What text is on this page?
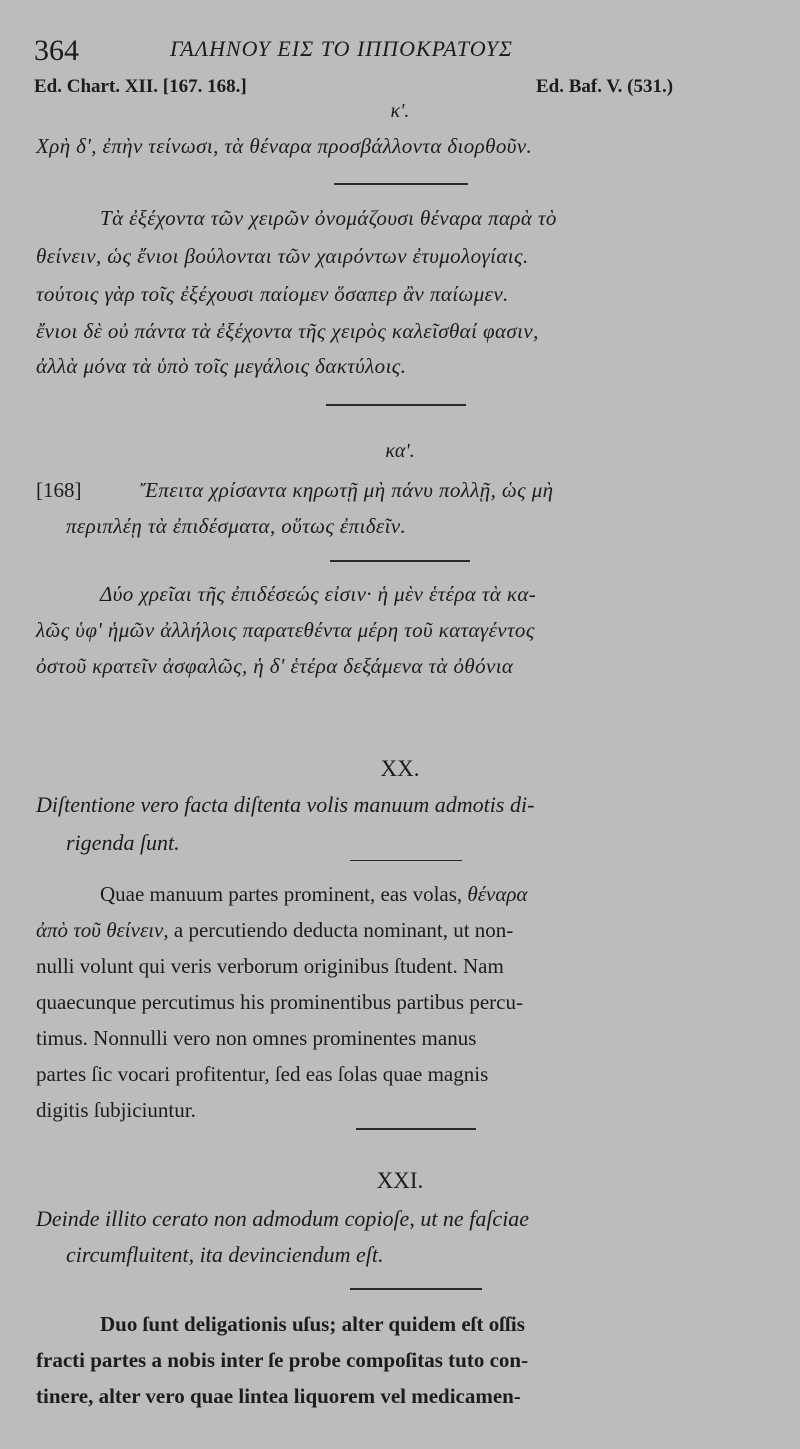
364	ΓΑΛΗΝΟΥ ΕΙΣ ΤΟ ΙΠΠΟΚΡΑΤΟΥΣ
Ed. Chart. XII. [167. 168.]	Ed. Baf. V. (531.)
κ'.
Χρὴ δ', ἐπὴν τείνωσι, τὰ θέναρα προσβάλλοντα διορθοῦν.
Τὰ ἐξέχοντα τῶν χειρῶν ὀνομάζουσι θέναρα παρὰ τὸ
θείνειν, ὡς ἔνιοι βούλονται τῶν χαιρόντων ἐτυμολογίαις.
τούτοις γὰρ τοῖς ἐξέχουσι παίομεν ὅσαπερ ἂν παίωμεν.
ἔνιοι δὲ οὐ πάντα τὰ ἐξέχοντα τῆς χειρὸς καλεῖσθαί φασιν,
ἀλλὰ μόνα τὰ ὑπὸ τοῖς μεγάλοις δακτύλοις.
κα'.
[168]	Ἔπειτα χρίσαντα κηρωτῇ μὴ πάνυ πολλῇ, ὡς μὴ
περιπλέῃ τὰ ἐπιδέσματα, οὕτως ἐπιδεῖν.
Δύο χρεῖαι τῆς ἐπιδέσεώς εἰσιν· ἡ μὲν ἑτέρα τὰ κα-
λῶς ὑφ' ἡμῶν ἀλλήλοις παρατεθέντα μέρη τοῦ καταγέντος
ὀστοῦ κρατεῖν ἀσφαλῶς, ἡ δ' ἑτέρα δεξάμενα τὰ ὀθόνια
XX.
Diſtentione vero facta diſtenta volis manuum admotis di-
rigenda ſunt.
Quae manuum partes prominent, eas volas, θέναρα
ἀπὸ τοῦ θείνειν, a percutiendo deducta nominant, ut non-
nulli volunt qui veris verborum originibus ſtudent. Nam
quaecunque percutimus his prominentibus partibus percu-
timus. Nonnulli vero non omnes prominentes manus
partes ſic vocari profitentur, ſed eas ſolas quae magnis
digitis ſubjiciuntur.
XXI.
Deinde illito cerato non admodum copioſe, ut ne faſciae
circumfluitent, ita devinciendum eſt.
Duo ſunt deligationis uſus; alter quidem eſt oſſis
fracti partes a nobis inter ſe probe compoſitas tuto con-
tinere, alter vero quae lintea liquorem vel medicamen-
